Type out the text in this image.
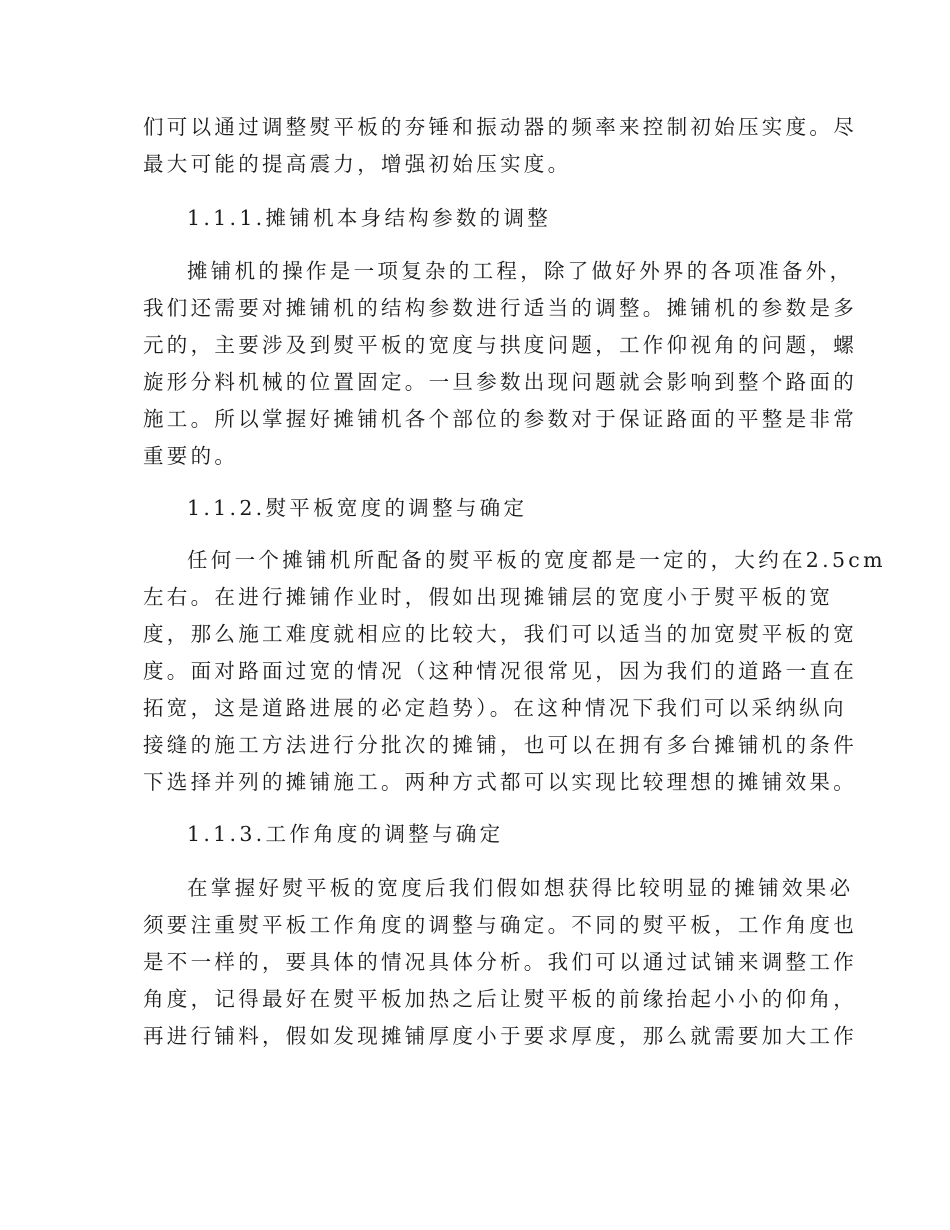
们可以通过调整熨平板的夯锤和振动器的频率来控制初始压实度。尽
最大可能的提高震力，增强初始压实度。
1.1.1.摊铺机本身结构参数的调整
摊铺机的操作是一项复杂的工程，除了做好外界的各项准备外，
我们还需要对摊铺机的结构参数进行适当的调整。摊铺机的参数是多
元的，主要涉及到熨平板的宽度与拱度问题，工作仰视角的问题，螺
旋形分料机械的位置固定。一旦参数出现问题就会影响到整个路面的
施工。所以掌握好摊铺机各个部位的参数对于保证路面的平整是非常
重要的。
1.1.2.熨平板宽度的调整与确定
任何一个摊铺机所配备的熨平板的宽度都是一定的，大约在2.5cm
左右。在进行摊铺作业时，假如出现摊铺层的宽度小于熨平板的宽
度，那么施工难度就相应的比较大，我们可以适当的加宽熨平板的宽
度。面对路面过宽的情况（这种情况很常见，因为我们的道路一直在
拓宽，这是道路进展的必定趋势）。在这种情况下我们可以采纳纵向
接缝的施工方法进行分批次的摊铺，也可以在拥有多台摊铺机的条件
下选择并列的摊铺施工。两种方式都可以实现比较理想的摊铺效果。
1.1.3.工作角度的调整与确定
在掌握好熨平板的宽度后我们假如想获得比较明显的摊铺效果必
须要注重熨平板工作角度的调整与确定。不同的熨平板，工作角度也
是不一样的，要具体的情况具体分析。我们可以通过试铺来调整工作
角度，记得最好在熨平板加热之后让熨平板的前缘抬起小小的仰角，
再进行铺料，假如发现摊铺厚度小于要求厚度，那么就需要加大工作
